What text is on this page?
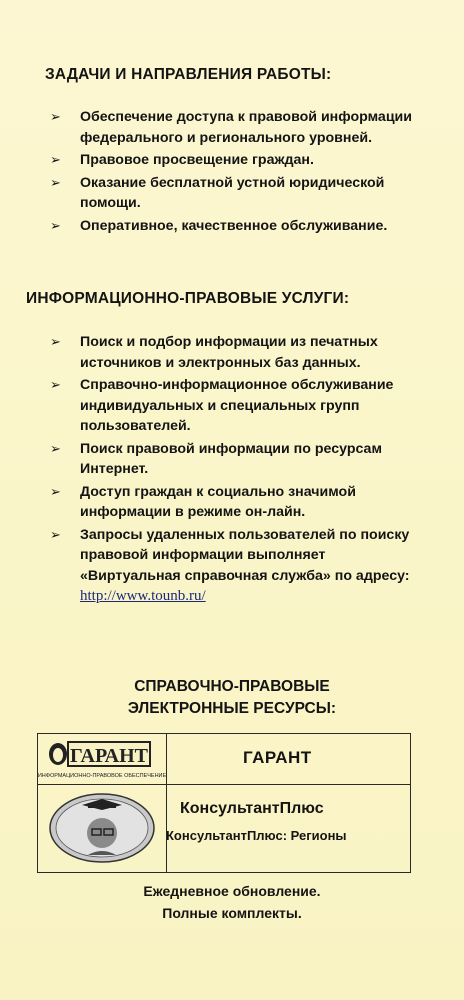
ЗАДАЧИ И НАПРАВЛЕНИЯ РАБОТЫ:
➢ Обеспечение доступа к правовой информации федерального и регионального уровней.
➢ Правовое просвещение граждан.
➢ Оказание бесплатной устной юридической помощи.
➢ Оперативное, качественное обслуживание.
ИНФОРМАЦИОННО-ПРАВОВЫЕ УСЛУГИ:
➢ Поиск и подбор информации из печатных источников и электронных баз данных.
➢ Справочно-информационное обслуживание индивидуальных и специальных групп пользователей.
➢ Поиск правовой информации по ресурсам Интернет.
➢ Доступ граждан к социально значимой информации в режиме он-лайн.
➢ Запросы удаленных пользователей по поиску правовой информации выполняет «Виртуальная справочная служба» по адресу: http://www.tounb.ru/
СПРАВОЧНО-ПРАВОВЫЕ
ЭЛЕКТРОННЫЕ РЕСУРСЫ:
ГАРАНТ
ИНФОРМАЦИОННО-ПРАВОВОЕ ОБЕСПЕЧЕНИЕ
ГАРАНТ
КонсультантПлюс
КонсультантПлюс: Регионы
Ежедневное обновление.
Полные комплекты.
